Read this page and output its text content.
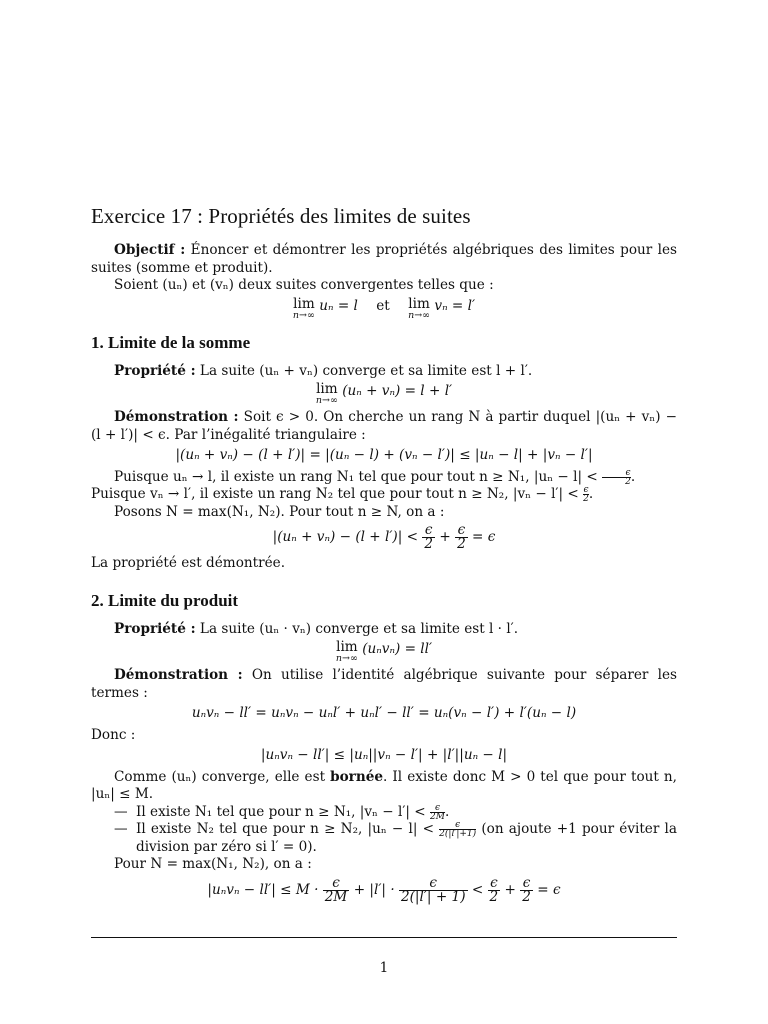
Exercice 17 : Propriétés des limites de suites

Objectif : Énoncer et démontrer les propriétés algébriques des limites pour les suites (somme et produit).

Soient (uₙ) et (vₙ) deux suites convergentes telles que :

lim
n→∞
uₙ = l et lim
n→∞
vₙ = l′
1. Limite de la somme

Propriété : La suite (uₙ + vₙ) converge et sa limite est l + l′.

lim
n→∞
(uₙ + vₙ) = l + l′

Démonstration : Soit ϵ > 0. On cherche un rang N à partir duquel |(uₙ + vₙ) − (l + l′)| < ϵ. Par l’inégalité triangulaire :

|(uₙ + vₙ) − (l + l′)| = |(uₙ − l) + (vₙ − l′)| ≤ |uₙ − l| + |vₙ − l′|

Puisque uₙ → l, il existe un rang N₁ tel que pour tout n ≥ N₁, $|u_n - l| < \frac{\epsilon}{2}$ .

Puisque vₙ → l′, il existe un rang N₂ tel que pour tout n ≥ N₂, $|v_n - l'| < \frac{\epsilon}{2}$ .

Posons N = max(N₁, N₂). Pour tout n ≥ N, on a :

$|(u_n + v_n) - (l + l')| < \frac{\epsilon}{2} + \frac{\epsilon}{2} = \epsilon$

La propriété est démontrée.

2. Limite du produit

Propriété : La suite (uₙ · vₙ) converge et sa limite est l · l′.

lim
n→∞
(uₙvₙ) = ll′

Démonstration : On utilise l’identité algébrique suivante pour séparer les termes :

uₙvₙ − ll′ = uₙvₙ − uₙl′ + uₙl′ − ll′ = uₙ(vₙ − l′) + l′(uₙ − l)

Donc :

|uₙvₙ − ll′| ≤ |uₙ||vₙ − l′| + |l′||uₙ − l|

Comme (uₙ) converge, elle est bornée. Il existe donc M > 0 tel que pour tout n, |uₙ| ≤ M.

— Il existe N₁ tel que pour n ≥ N₁, $|v_n - l'| < \frac{\epsilon}{2M}$ .
— Il existe N₂ tel que pour n ≥ N₂, $|u_n - l| < \frac{\epsilon}{2(|l'|+1)} (on$ ajoute +1 pour éviter la division par zéro si l′ = 0).

Pour N = max(N₁, N₂), on a :

$|u_nv_n - ll'| \le M \cdot \frac{\epsilon}{2M} + |l'| \cdot \frac{\epsilon}{2(|l'| + 1)} < \frac{\epsilon}{2} + \frac{\epsilon}{2} = \epsilon$
1
